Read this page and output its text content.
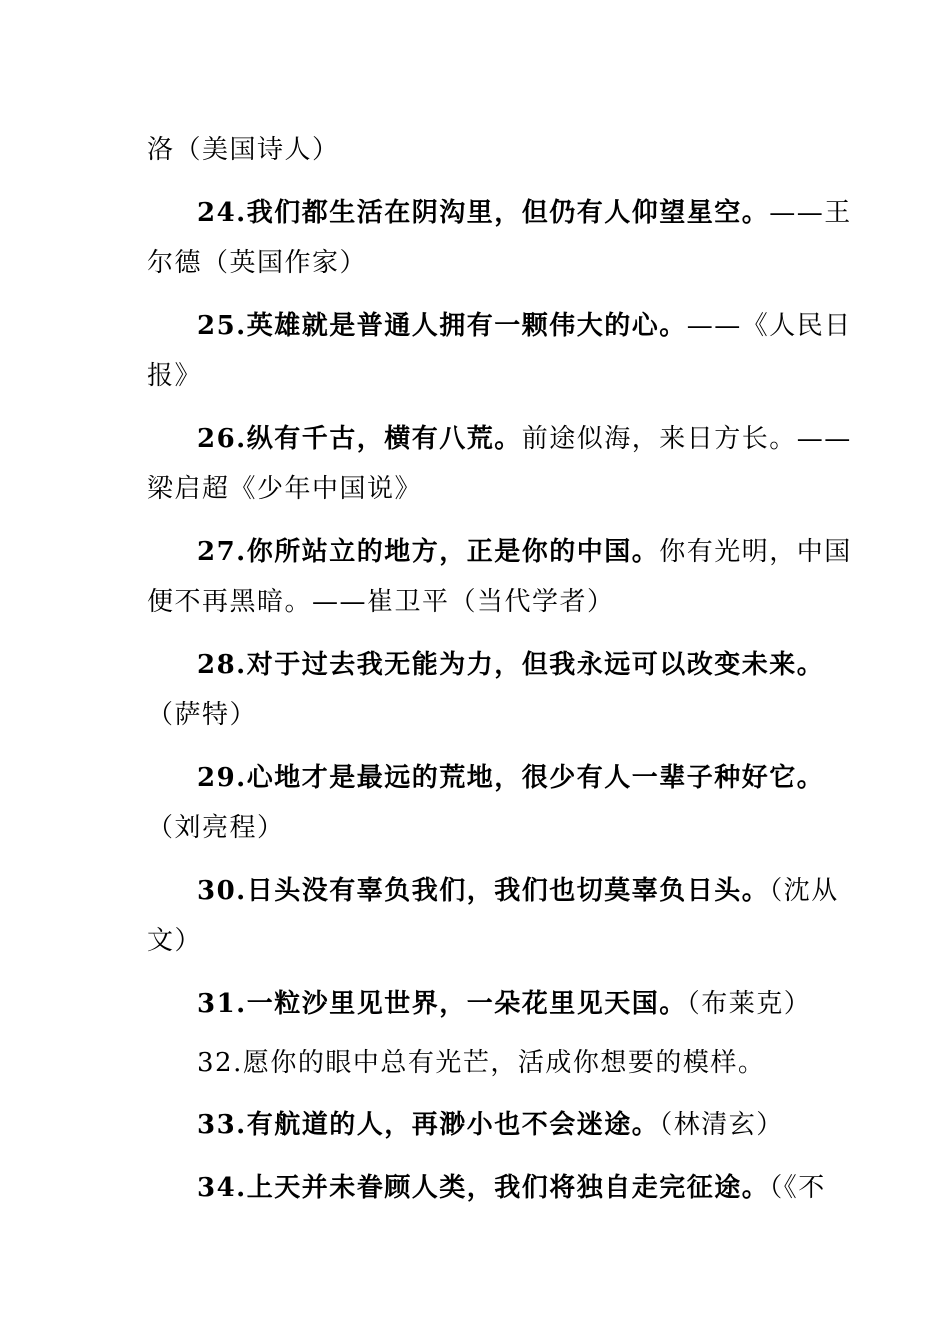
洛（美国诗人）
24.我们都生活在阴沟里，但仍有人仰望星空。——王
尔德（英国作家）
25.英雄就是普通人拥有一颗伟大的心。——《人民日
报》
26.纵有千古，横有八荒。前途似海，来日方长。——
梁启超《少年中国说》
27.你所站立的地方，正是你的中国。你有光明，中国
便不再黑暗。——崔卫平（当代学者）
28.对于过去我无能为力，但我永远可以改变未来。
（萨特）
29.心地才是最远的荒地，很少有人一辈子种好它。
（刘亮程）
30.日头没有辜负我们，我们也切莫辜负日头。（沈从
文）
31.一粒沙里见世界，一朵花里见天国。（布莱克）
32.愿你的眼中总有光芒，活成你想要的模样。
33.有航道的人，再渺小也不会迷途。（林清玄）
34.上天并未眷顾人类，我们将独自走完征途。（《不
